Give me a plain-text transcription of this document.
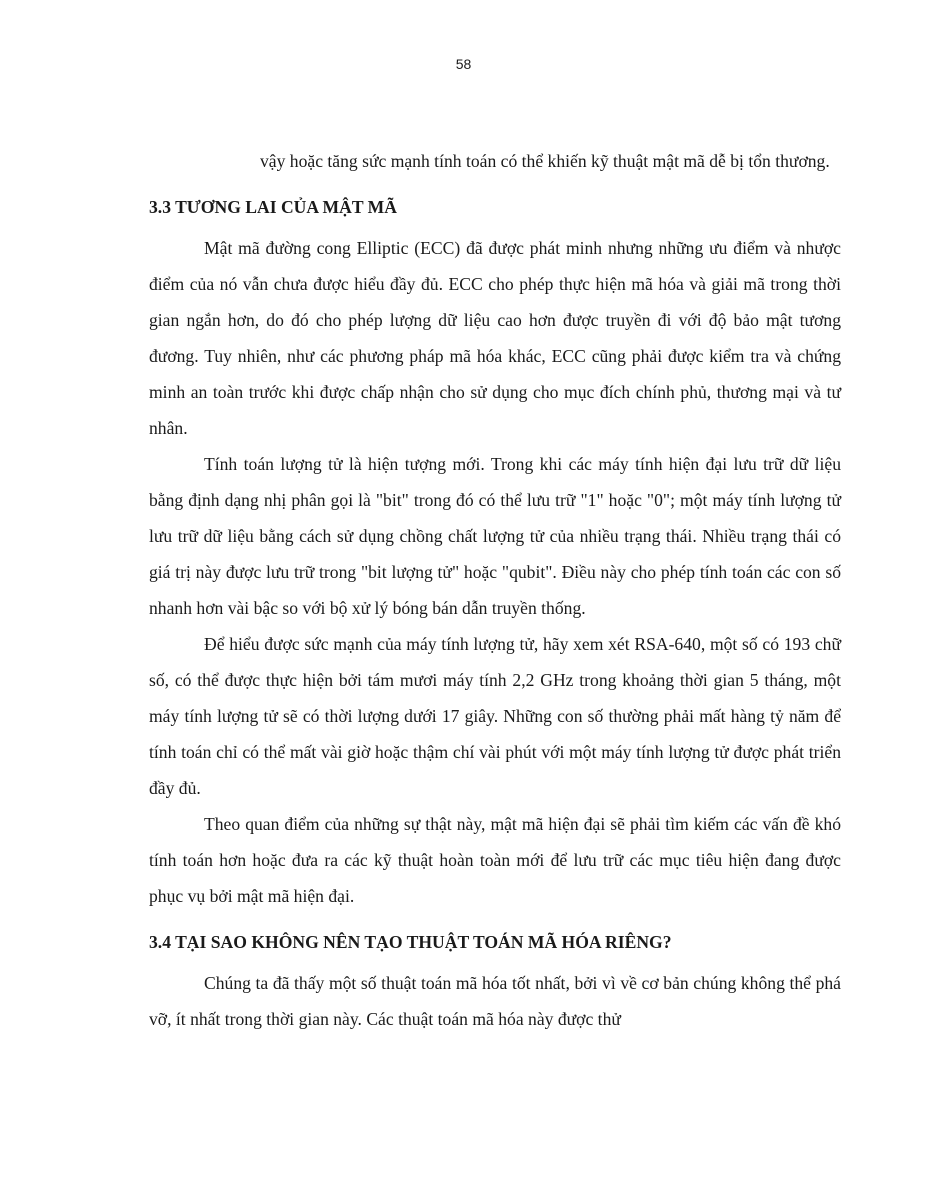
58

vậy hoặc tăng sức mạnh tính toán có thể khiến kỹ thuật mật mã dễ bị tổn thương.

3.3 TƯƠNG LAI CỦA MẬT MÃ

Mật mã đường cong Elliptic (ECC) đã được phát minh nhưng những ưu điểm và nhược điểm của nó vẫn chưa được hiểu đầy đủ. ECC cho phép thực hiện mã hóa và giải mã trong thời gian ngắn hơn, do đó cho phép lượng dữ liệu cao hơn được truyền đi với độ bảo mật tương đương. Tuy nhiên, như các phương pháp mã hóa khác, ECC cũng phải được kiểm tra và chứng minh an toàn trước khi được chấp nhận cho sử dụng cho mục đích chính phủ, thương mại và tư nhân.

Tính toán lượng tử là hiện tượng mới. Trong khi các máy tính hiện đại lưu trữ dữ liệu bằng định dạng nhị phân gọi là "bit" trong đó có thể lưu trữ "1" hoặc "0"; một máy tính lượng tử lưu trữ dữ liệu bằng cách sử dụng chồng chất lượng tử của nhiều trạng thái. Nhiều trạng thái có giá trị này được lưu trữ trong "bit lượng tử" hoặc "qubit". Điều này cho phép tính toán các con số nhanh hơn vài bậc so với bộ xử lý bóng bán dẫn truyền thống.

Để hiểu được sức mạnh của máy tính lượng tử, hãy xem xét RSA-640, một số có 193 chữ số, có thể được thực hiện bởi tám mươi máy tính 2,2 GHz trong khoảng thời gian 5 tháng, một máy tính lượng tử sẽ có thời lượng dưới 17 giây. Những con số thường phải mất hàng tỷ năm để tính toán chỉ có thể mất vài giờ hoặc thậm chí vài phút với một máy tính lượng tử được phát triển đầy đủ.

Theo quan điểm của những sự thật này, mật mã hiện đại sẽ phải tìm kiếm các vấn đề khó tính toán hơn hoặc đưa ra các kỹ thuật hoàn toàn mới để lưu trữ các mục tiêu hiện đang được phục vụ bởi mật mã hiện đại.

3.4 TẠI SAO KHÔNG NÊN TẠO THUẬT TOÁN MÃ HÓA RIÊNG?

Chúng ta đã thấy một số thuật toán mã hóa tốt nhất, bởi vì về cơ bản chúng không thể phá vỡ, ít nhất trong thời gian này. Các thuật toán mã hóa này được thử
